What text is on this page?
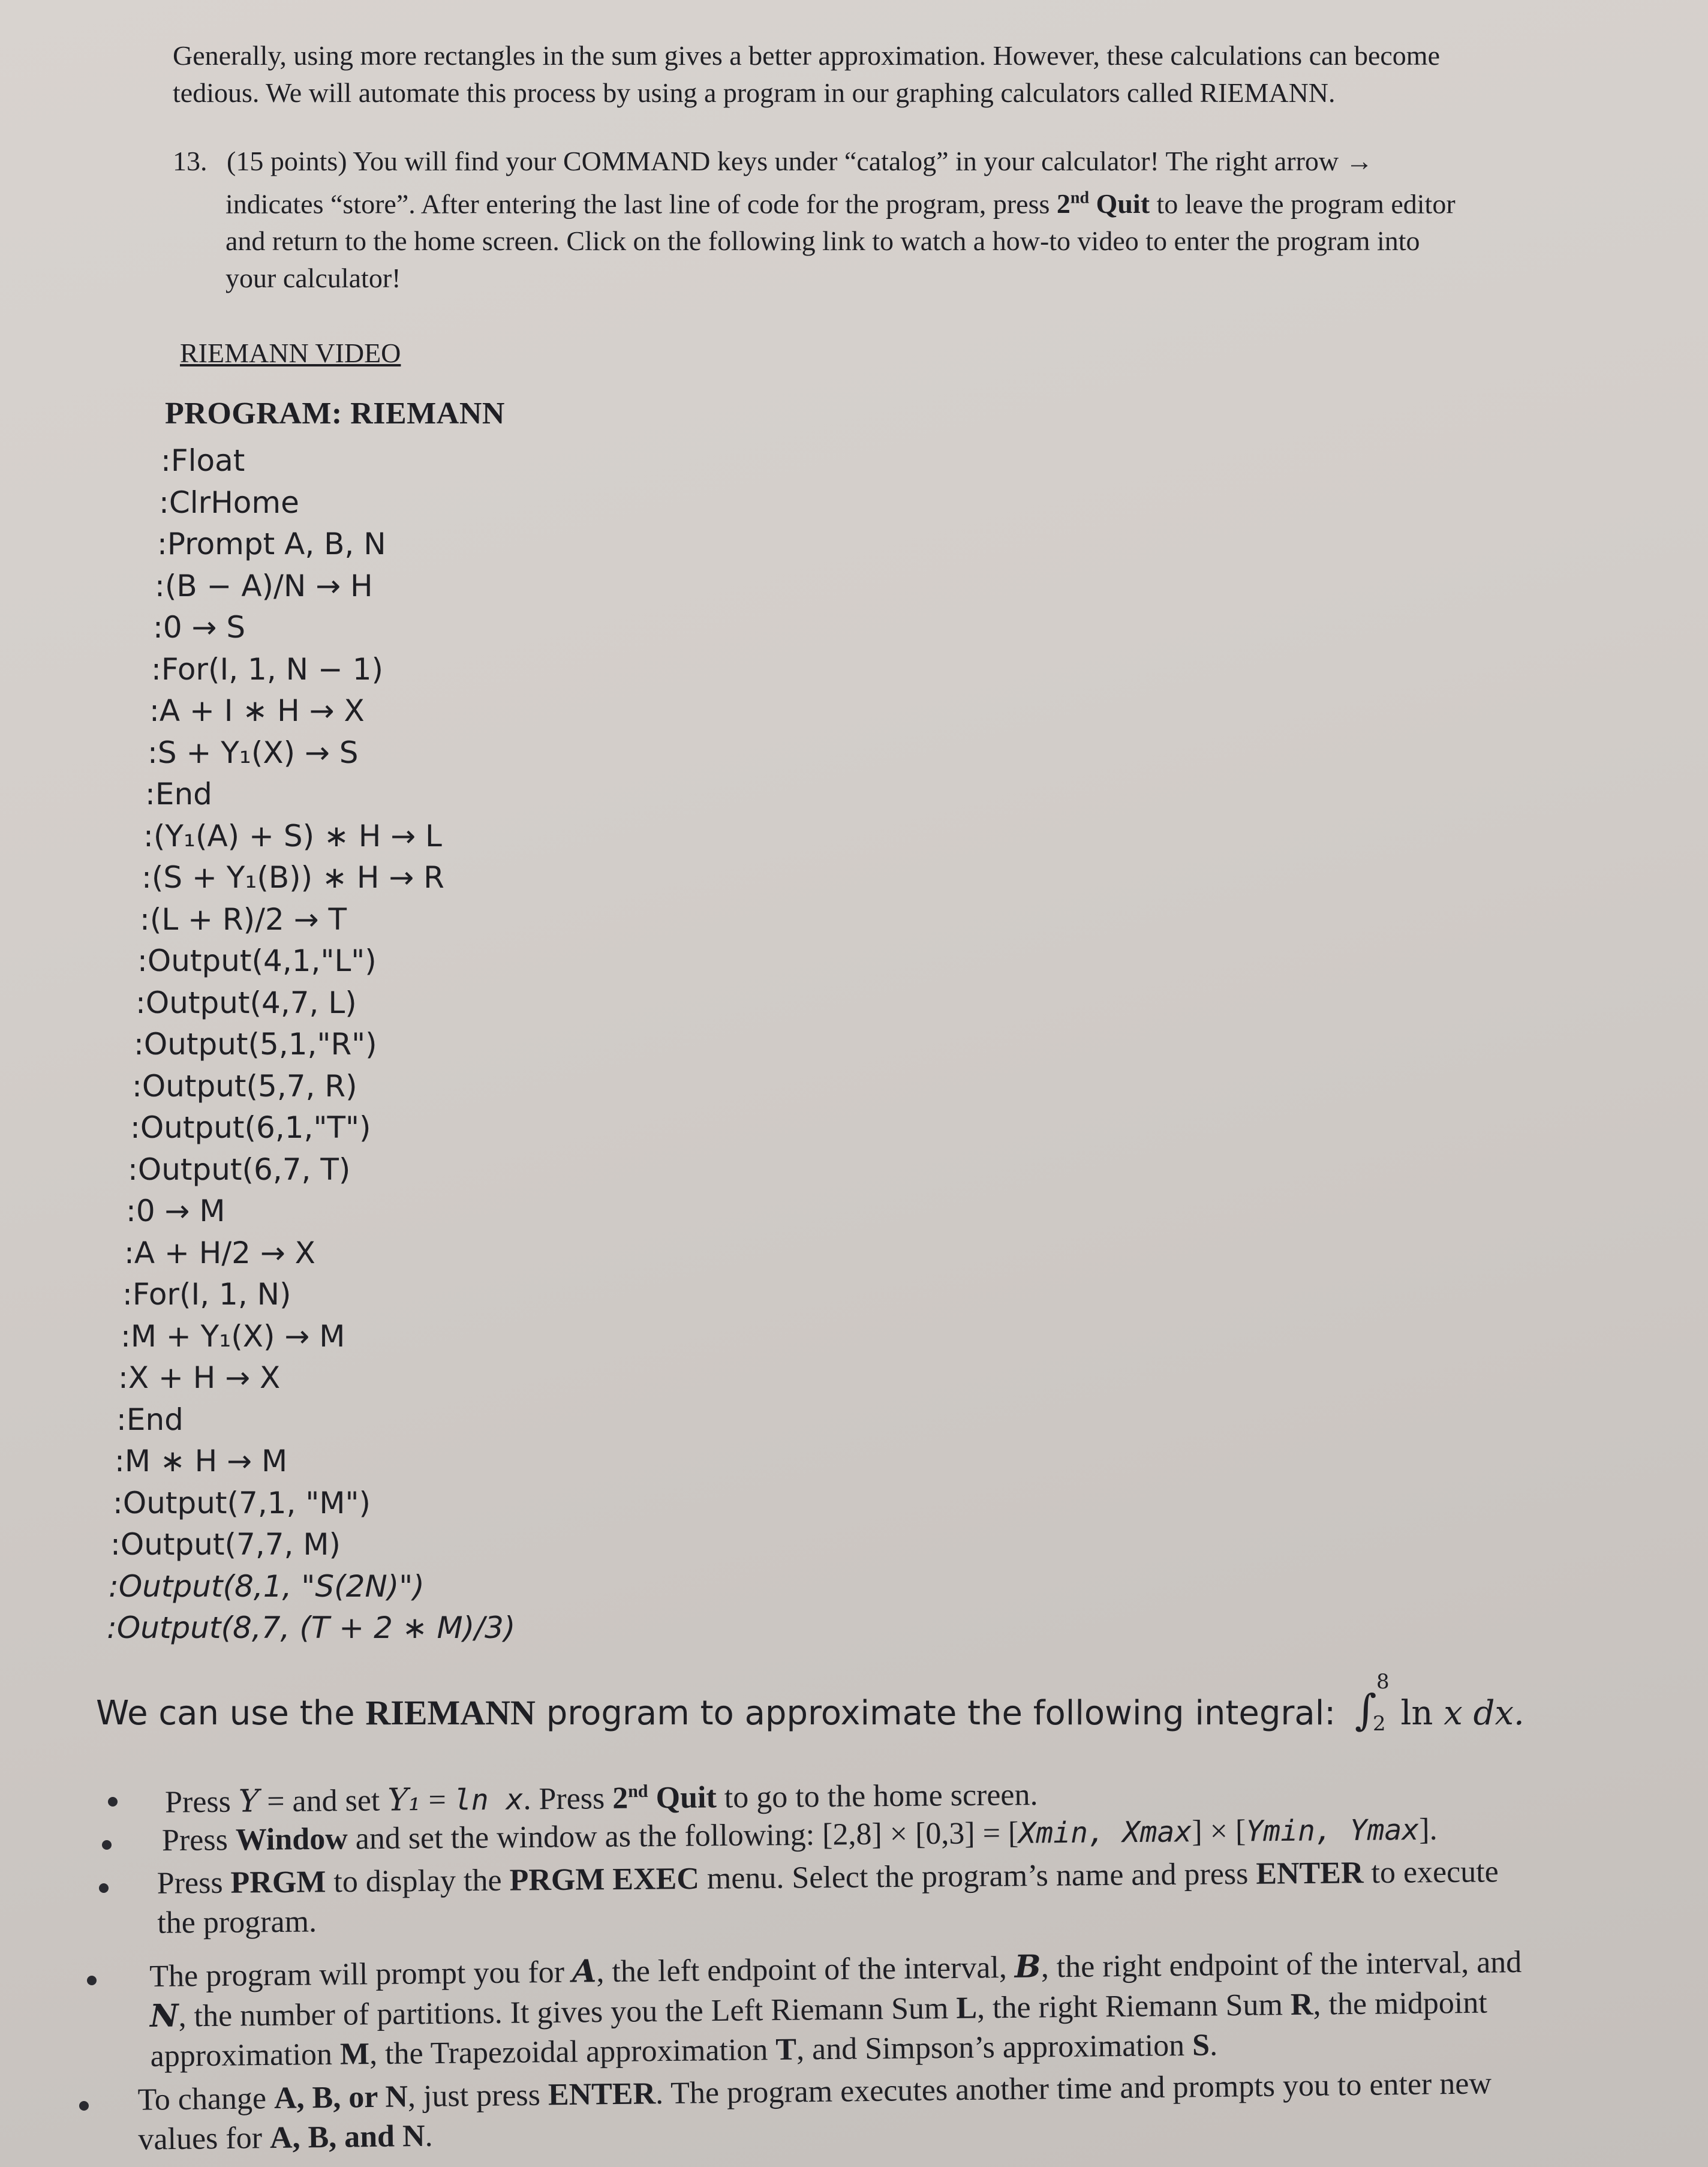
Generally, using more rectangles in the sum gives a better approximation. However, these calculations can become
tedious. We will automate this process by using a program in our graphing calculators called RIEMANN.

13. (15 points) You will find your COMMAND keys under “catalog” in your calculator! The right arrow →
indicates “store”. After entering the last line of code for the program, press 2nd Quit to leave the program editor
and return to the home screen. Click on the following link to watch a how-to video to enter the program into
your calculator!

RIEMANN VIDEO
PROGRAM: RIEMANN
:Float
:ClrHome
:Prompt A, B, N
:(B − A)/N → H
:0 → S
:For(I, 1, N − 1)
:A + I ∗ H → X
:S + Y₁(X) → S
:End
:(Y₁(A) + S) ∗ H → L
:(S + Y₁(B)) ∗ H → R
:(L + R)/2 → T
:Output(4,1,"L")
:Output(4,7, L)
:Output(5,1,"R")
:Output(5,7, R)
:Output(6,1,"T")
:Output(6,7, T)
:0 → M
:A + H/2 → X
:For(I, 1, N)
:M + Y₁(X) → M
:X + H → X
:End
:M ∗ H → M
:Output(7,1, "M")
:Output(7,7, M)
:Output(8,1, "S(2N)")
:Output(8,7, (T + 2 ∗ M)/3)
We can use the RIEMANN program to approximate the following integral: ∫
8
2 ln x dx.
Press Y = and set Y₁ = ln x. Press 2nd Quit to go to the home screen.
Press Window and set the window as the following: [2,8] × [0,3] = [Xmin, Xmax] × [Ymin, Ymax].
Press PRGM to display the PRGM EXEC menu. Select the program’s name and press ENTER to execute
the program.
The program will prompt you for A, the left endpoint of the interval, B, the right endpoint of the interval, and
N, the number of partitions. It gives you the Left Riemann Sum L, the right Riemann Sum R, the midpoint
approximation M, the Trapezoidal approximation T, and Simpson’s approximation S.
To change A, B, or N, just press ENTER. The program executes another time and prompts you to enter new
values for A, B, and N.
